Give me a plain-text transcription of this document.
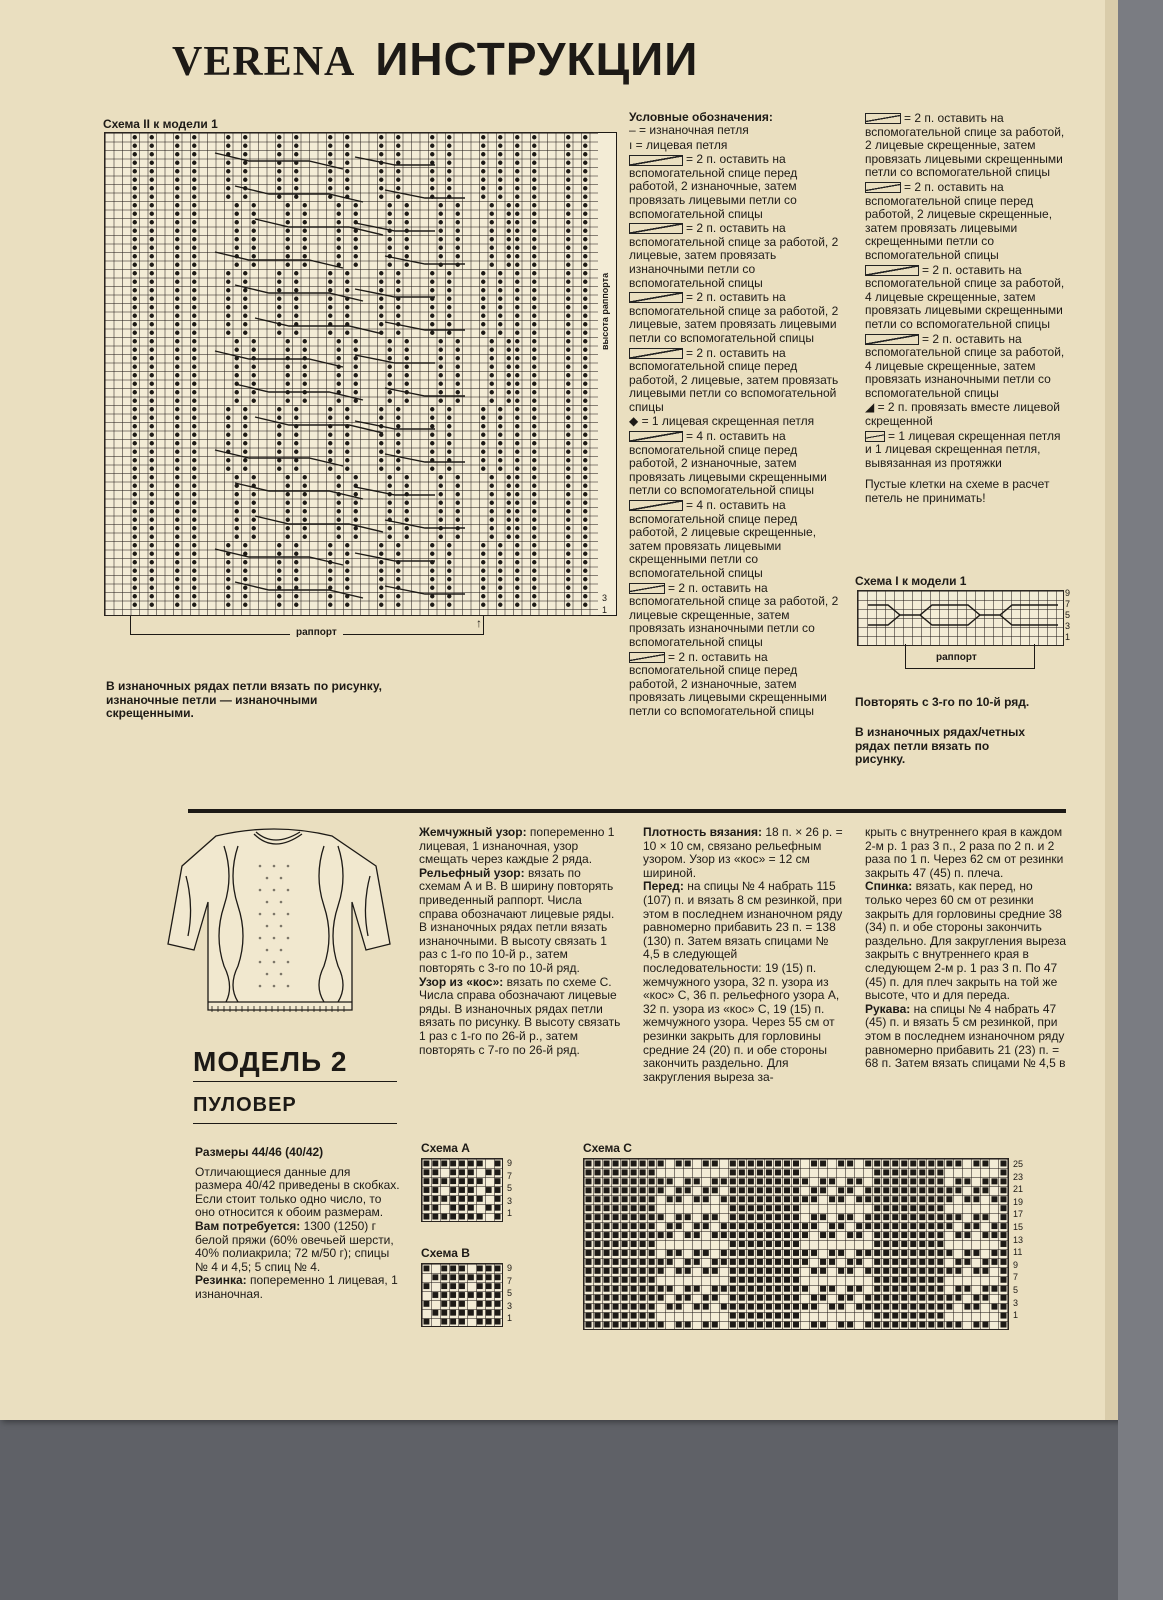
VERENA ИНСТРУКЦИИ
Схема II к модели 1
высота раппорта
3
1
↑
раппорт
В изнаночных рядах петли вязать по рисунку, изнаночные петли — изнаночными скрещенными.
Условные обозначения:
– = изнаночная петля
ı = лицевая петля
= 2 п. оставить на вспомогательной спице перед работой, 2 изнаночные, затем провязать лицевыми петли со вспомогательной спицы
= 2 п. оставить на вспомогательной спице за работой, 2 лицевые, затем провязать изнаночными петли со вспомогательной спицы
= 2 п. оставить на вспомогательной спице за работой, 2 лицевые, затем провязать лицевыми петли со вспомогательной спицы
= 2 п. оставить на вспомогательной спице перед работой, 2 лицевые, затем провязать лицевыми петли со вспомогательной спицы
◆ = 1 лицевая скрещенная петля
= 4 п. оставить на вспомогательной спице перед работой, 2 изнаночные, затем провязать лицевыми скрещенными петли со вспомогательной спицы
= 4 п. оставить на вспомогательной спице перед работой, 2 лицевые скрещенные, затем провязать лицевыми скрещенными петли со вспомогательной спицы
= 2 п. оставить на вспомогательной спице за работой, 2 лицевые скрещенные, затем провязать изнаночными петли со вспомогательной спицы
= 2 п. оставить на вспомогательной спице перед работой, 2 изнаночные, затем провязать лицевыми скрещенными петли со вспомогательной спицы
= 2 п. оставить на вспомогательной спице за работой, 2 лицевые скрещенные, затем провязать лицевыми скрещенными петли со вспомогательной спицы
= 2 п. оставить на вспомогательной спице перед работой, 2 лицевые скрещенные, затем провязать лицевыми скрещенными петли со вспомогательной спицы
= 2 п. оставить на вспомогательной спице за работой, 4 лицевые скрещенные, затем провязать лицевыми скрещенными петли со вспомогательной спицы
= 2 п. оставить на вспомогательной спице за работой, 4 лицевые скрещенные, затем провязать изнаночными петли со вспомогательной спицы
◢ = 2 п. провязать вместе лицевой скрещенной
= 1 лицевая скрещенная петля и 1 лицевая скрещенная петля, вывязанная из протяжки
Пустые клетки на схеме в расчет петель не принимать!
Схема I к модели 1
9
7
5
3
1
раппорт
Повторять с 3-го по 10-й ряд.
В изнаночных рядах/четных рядах петли вязать по рисунку.
МОДЕЛЬ 2
ПУЛОВЕР
Размеры 44/46 (40/42)
Отличающиеся данные для размера 40/42 приведены в скобках. Если стоит только одно число, то оно относится к обоим размерам.
Вам потребуется: 1300 (1250) г белой пряжи (60% овечьей шерсти, 40% полиакрила; 72 м/50 г); спицы № 4 и 4,5; 5 спиц № 4.
Резинка: попеременно 1 лицевая, 1 изнаночная.
Жемчужный узор: попеременно 1 лицевая, 1 изнаночная, узор смещать через каждые 2 ряда.
Рельефный узор: вязать по схемам А и В. В ширину повторять приведенный раппорт. Числа справа обозначают лицевые ряды. В изнаночных рядах петли вязать изнаночными. В высоту связать 1 раз с 1-го по 10-й р., затем повторять с 3-го по 10-й ряд.
Узор из «кос»: вязать по схеме С. Числа справа обозначают лицевые ряды. В изнаночных рядах петли вязать по рисунку. В высоту связать 1 раз с 1-го по 26-й р., затем повторять с 7-го по 26-й ряд.
Плотность вязания: 18 п. × 26 р. = 10 × 10 см, связано рельефным узором. Узор из «кос» = 12 см шириной.
Перед: на спицы № 4 набрать 115 (107) п. и вязать 8 см резинкой, при этом в последнем изнаночном ряду равномерно прибавить 23 п. = 138 (130) п. Затем вязать спицами № 4,5 в следующей последовательности: 19 (15) п. жемчужного узора, 32 п. узора из «кос» С, 36 п. рельефного узора А, 32 п. узора из «кос» С, 19 (15) п. жемчужного узора. Через 55 см от резинки закрыть для горловины средние 24 (20) п. и обе стороны закончить раздельно. Для закругления выреза за-
крыть с внутреннего края в каждом 2-м р. 1 раз 3 п., 2 раза по 2 п. и 2 раза по 1 п. Через 62 см от резинки закрыть 47 (45) п. плеча.
Спинка: вязать, как перед, но только через 60 см от резинки закрыть для горловины средние 38 (34) п. и обе стороны закончить раздельно. Для закругления выреза закрыть с внутреннего края в следующем 2-м р. 1 раз 3 п. По 47 (45) п. для плеч закрыть на той же высоте, что и для переда.
Рукава: на спицы № 4 набрать 47 (45) п. и вязать 5 см резинкой, при этом в последнем изнаночном ряду равномерно прибавить 21 (23) п. = 68 п. Затем вязать спицами № 4,5 в
Схема А
9
7
5
3
1
Схема В
9
7
5
3
1
Схема С
25
23
21
19
17
15
13
11
9
7
5
3
1
